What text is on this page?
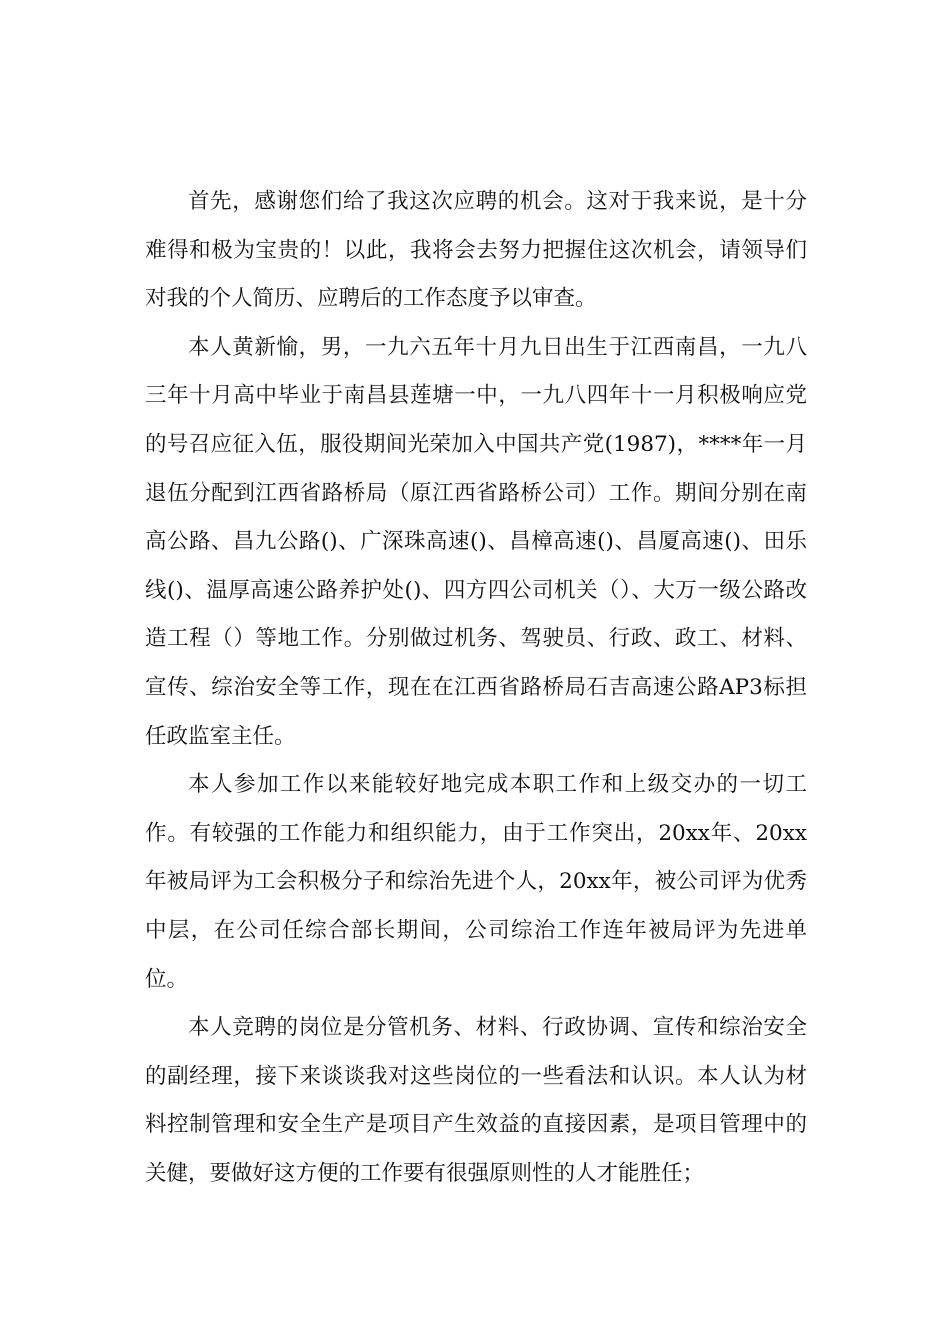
首先，感谢您们给了我这次应聘的机会。这对于我来说，是十分难得和极为宝贵的！以此，我将会去努力把握住这次机会，请领导们对我的个人简历、应聘后的工作态度予以审查。

本人黄新愉，男，一九六五年十月九日出生于江西南昌，一九八三年十月高中毕业于南昌县莲塘一中，一九八四年十一月积极响应党的号召应征入伍，服役期间光荣加入中国共产党(1987)，****年一月退伍分配到江西省路桥局（原江西省路桥公司）工作。期间分别在南高公路、昌九公路()、广深珠高速()、昌樟高速()、昌厦高速()、田乐线()、温厚高速公路养护处()、四方四公司机关（）、大万一级公路改造工程（）等地工作。分别做过机务、驾驶员、行政、政工、材料、宣传、综治安全等工作，现在在江西省路桥局石吉高速公路AP3标担任政监室主任。

本人参加工作以来能较好地完成本职工作和上级交办的一切工作。有较强的工作能力和组织能力，由于工作突出，20xx年、20xx年被局评为工会积极分子和综治先进个人，20xx年，被公司评为优秀中层，在公司任综合部长期间，公司综治工作连年被局评为先进单位。

本人竞聘的岗位是分管机务、材料、行政协调、宣传和综治安全的副经理，接下来谈谈我对这些岗位的一些看法和认识。本人认为材料控制管理和安全生产是项目产生效益的直接因素，是项目管理中的关健，要做好这方便的工作要有很强原则性的人才能胜任；
